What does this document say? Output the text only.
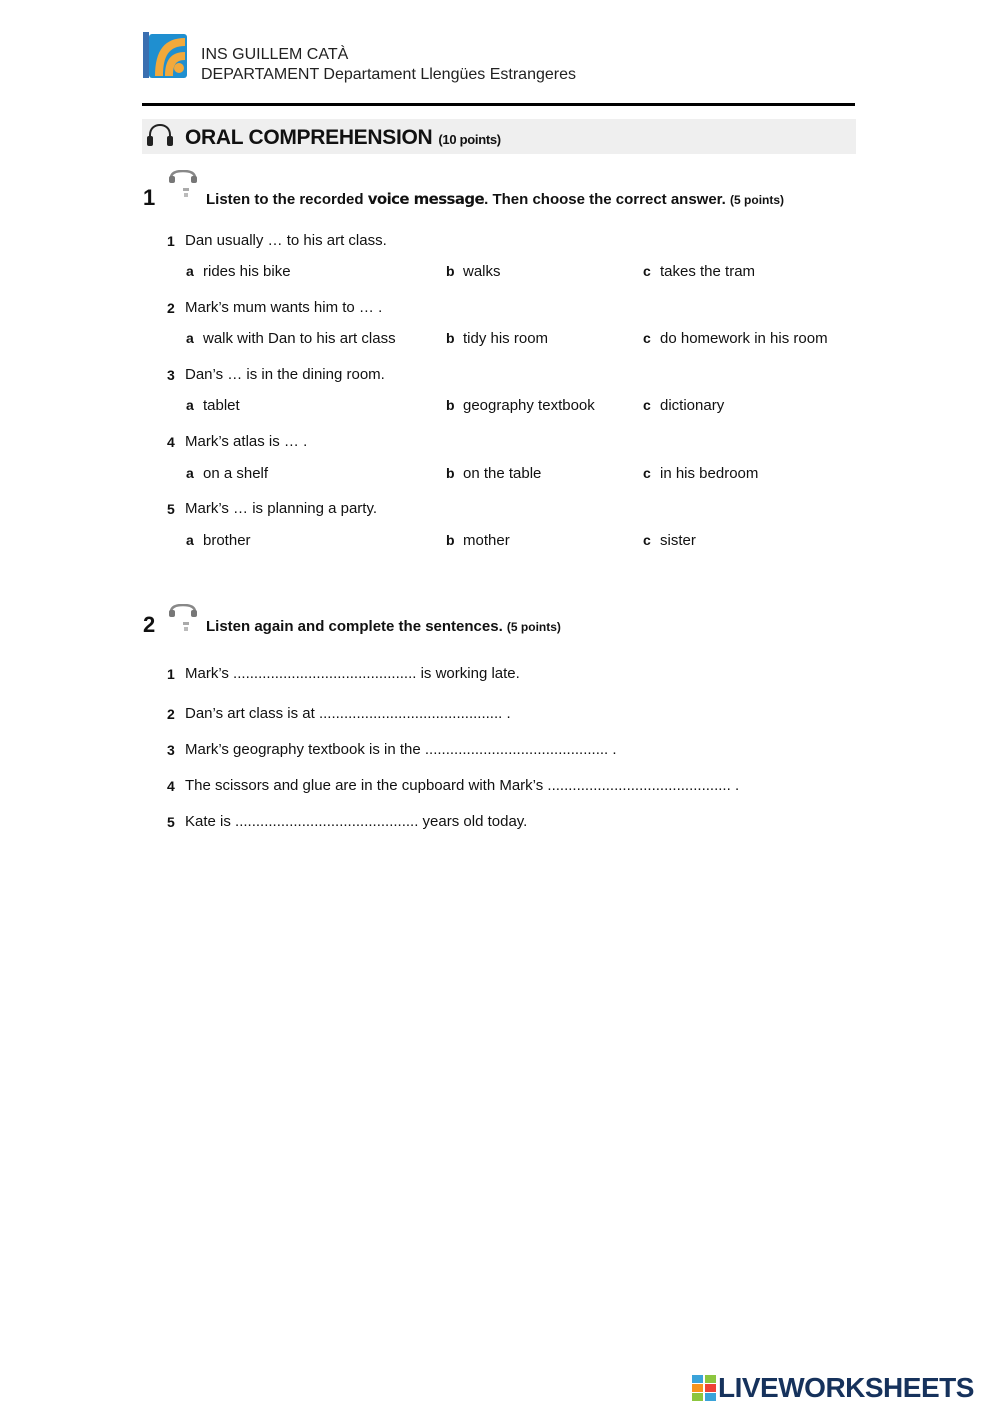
INS GUILLEM CATÀ
DEPARTAMENT Departament Llengües Estrangeres
ORAL COMPREHENSION (10 points)
1	Listen to the recorded voice message. Then choose the correct answer. (5 points)
1 Dan usually … to his art class.
a rides his bike	b walks	c takes the tram
2 Mark’s mum wants him to … .
a walk with Dan to his art class	b tidy his room	c do homework in his room
3 Dan’s … is in the dining room.
a tablet	b geography textbook	c dictionary
4 Mark’s atlas is … .
a on a shelf	b on the table	c in his bedroom
5 Mark’s … is planning a party.
a brother	b mother	c sister
2	Listen again and complete the sentences. (5 points)
1 Mark’s ............................................ is working late.
2 Dan’s art class is at ............................................ .
3 Mark’s geography textbook is in the ............................................ .
4 The scissors and glue are in the cupboard with Mark’s ............................................ .
5 Kate is ............................................ years old today.
LIVEWORKSHEETS
